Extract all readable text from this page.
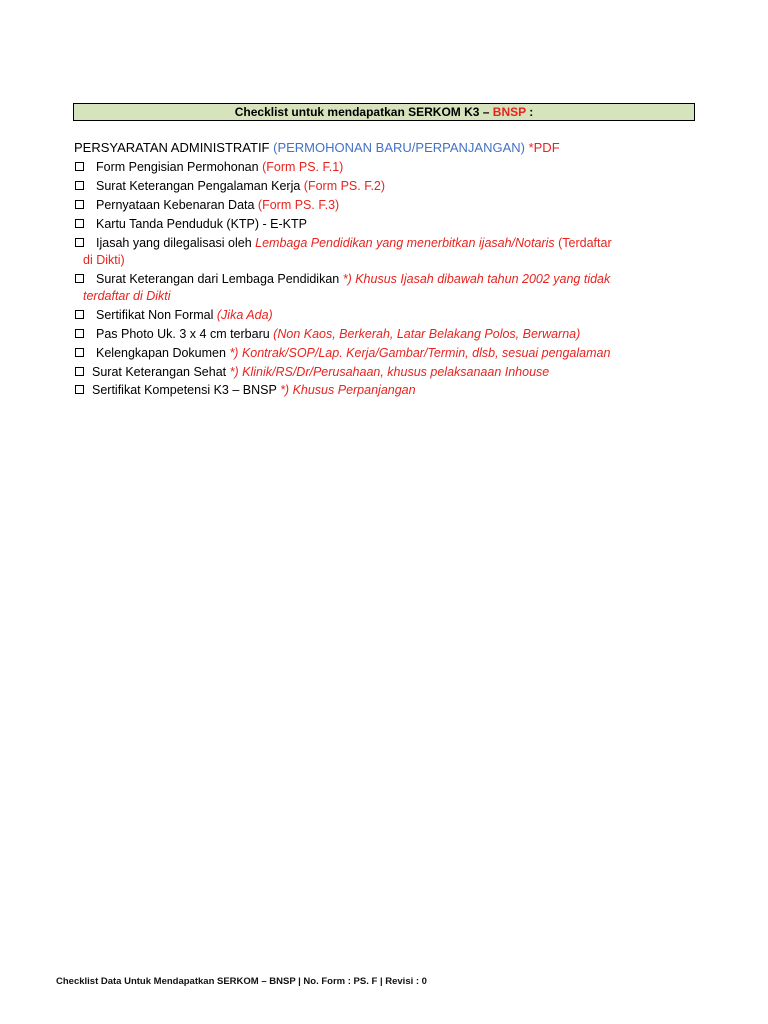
Checklist untuk mendapatkan SERKOM K3 – BNSP :
PERSYARATAN ADMINISTRATIF (PERMOHONAN BARU/PERPANJANGAN) *PDF
Form Pengisian Permohonan (Form PS. F.1)
Surat Keterangan Pengalaman Kerja (Form PS. F.2)
Pernyataan Kebenaran Data (Form PS. F.3)
Kartu Tanda Penduduk (KTP) - E-KTP
Ijasah yang dilegalisasi oleh Lembaga Pendidikan yang menerbitkan ijasah/Notaris (Terdaftar
di Dikti)
Surat Keterangan dari Lembaga Pendidikan *) Khusus Ijasah dibawah tahun 2002 yang tidak
terdaftar di Dikti
Sertifikat Non Formal (Jika Ada)
Pas Photo Uk. 3 x 4 cm terbaru (Non Kaos, Berkerah, Latar Belakang Polos, Berwarna)
Kelengkapan Dokumen *) Kontrak/SOP/Lap. Kerja/Gambar/Termin, dlsb, sesuai pengalaman
Surat Keterangan Sehat *) Klinik/RS/Dr/Perusahaan, khusus pelaksanaan Inhouse
Sertifikat Kompetensi K3 – BNSP *) Khusus Perpanjangan
Checklist Data Untuk Mendapatkan SERKOM – BNSP | No. Form : PS. F | Revisi : 0
